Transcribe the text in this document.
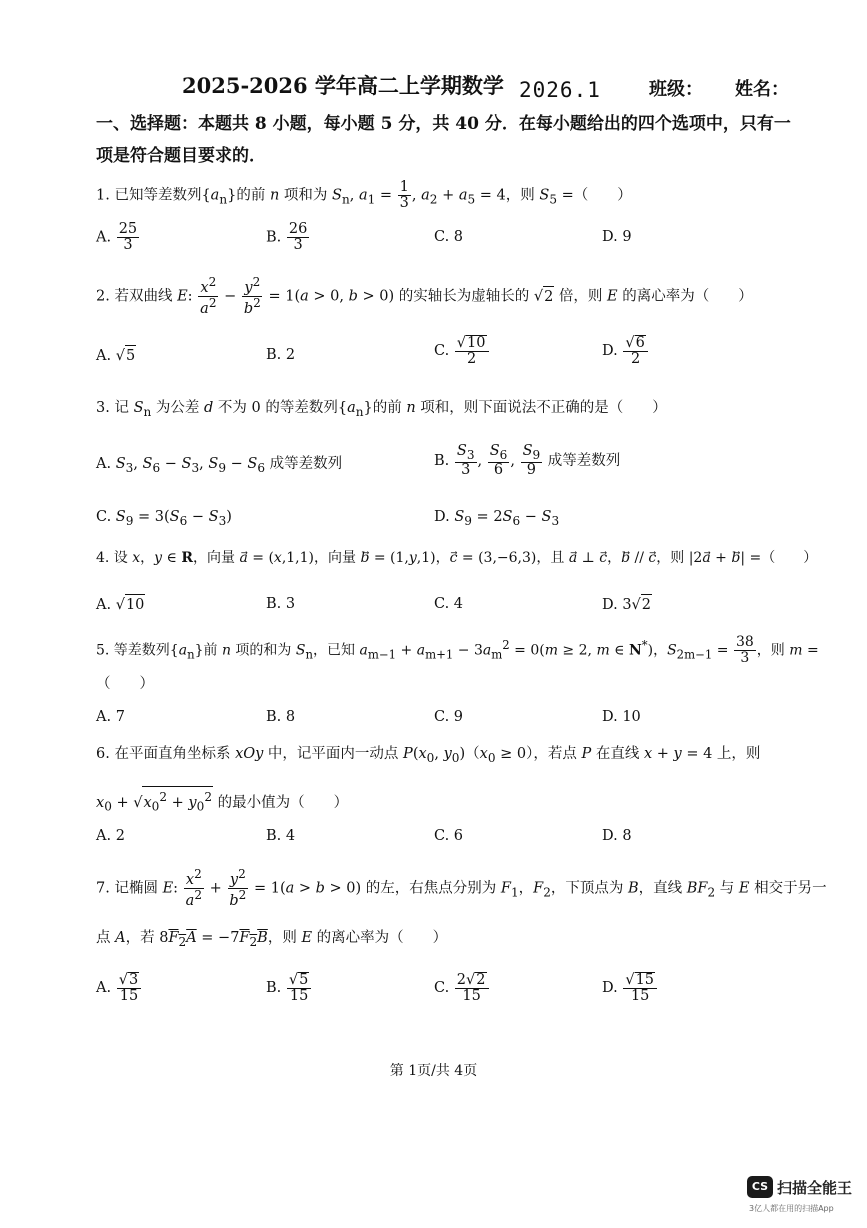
2025-2026 学年高二上学期数学 2026.1	班级： 姓名：
一、选择题：本题共 8 小题，每小题 5 分，共 40 分．在每小题给出的四个选项中，只有一
项是符合题目要求的．
1. 已知等差数列$\{a_n\}$的前 n 项和为 $S_n$, $a_1 = \frac{1}{3}$ , $a_2 + a_5 = 4$，则 $S_5$ =（　　）
A. $\frac{25}{3}$	B. $\frac{26}{3}$	C. 8	D. 9
2. 若双曲线 E: $\frac{x^2}{a^2} - \frac{y^2}{b^2} = 1(a > 0$, b > 0) 的实轴长为虚轴长的 √2 倍，则 E 的离心率为（　　）
A. √5	B. 2	C. $\frac{√10}{2}$	D. $\frac{√6}{2}$
3. 记 $S_n$ 为公差 d 不为 0 的等差数列$\{a_n\}$的前 n 项和，则下面说法不正确的是（　　）
A. $S_3$, $S_6 - S_3$, $S_9 - S_6$ 成等差数列	B. $\frac{S_3}{3}$ , $\frac{S_6}{6}$ , $\frac{S_9}{9}$ 成等差数列
C. $S_9 = 3(S_6 - S_3)$	D. $S_9 = 2S_6 - S_3$
4. 设 x，y ∈ R，向量 a⃗ = (x,1,1)，向量 b⃗ = (1,y,1)，c⃗ = (3,−6,3)，且 a⃗ ⊥ c⃗，b⃗ // c⃗，则 |2a⃗ + b⃗| =（　　）
A. √10	B. 3	C. 4	D. 3√2
5. 等差数列$\{a_n\}$前 n 项的和为 $S_n$，已知 $a_{m-1} + a_{m+1} - 3a_m^2 = 0(m \ge 2$, m ∈ N*)，$S_{2m-1} = \frac{38}{3}$ ，则 m =
（　　）
A. 7	B. 8	C. 9	D. 10
6. 在平面直角坐标系 xOy 中，记平面内一动点 $P(x_0$, $y_0)(x_0 \ge 0)$，若点 P 在直线 x + y = 4 上，则
$x_0 + √x_0^2 + y_0^2$ 的最小值为（　　）
A. 2	B. 4	C. 6	D. 8
7. 记椭圆 E: $\frac{x^2}{a^2} + \frac{y^2}{b^2} = 1(a > b > 0)$ 的左，右焦点分别为 $F_1$，$F_2$，下顶点为 B，直线 $BF_2$ 与 E 相交于另一
点 A，若 $8F_2A = -7F_2B$，则 E 的离心率为（　　）
A. $\frac{√3}{15}$	B. $\frac{√5}{15}$	C. $\frac{2√2}{15}$	D. $\frac{√15}{15}$
第 1页/共 4页
CS 扫描全能王
3亿人都在用的扫描App
